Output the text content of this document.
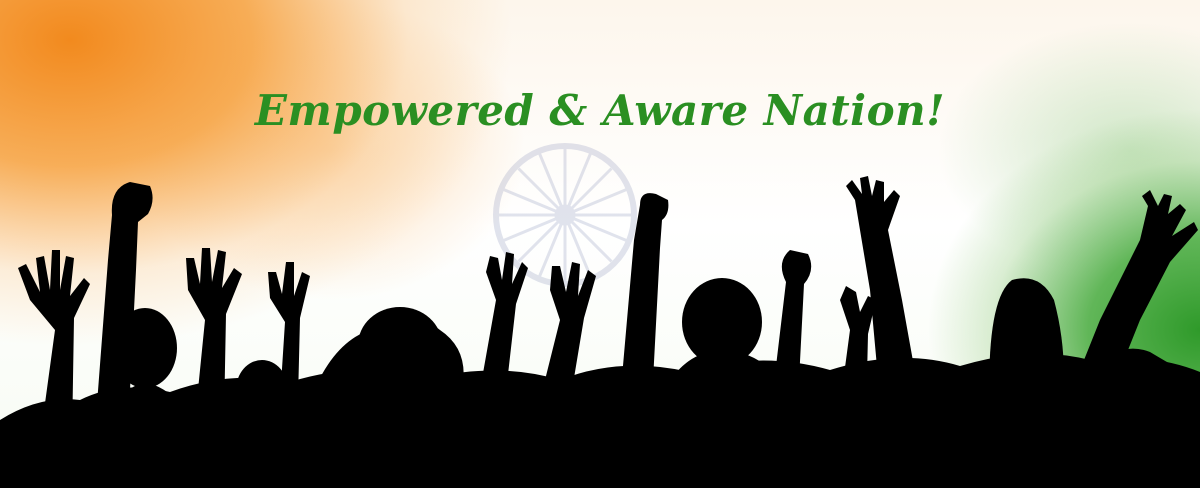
Empowered & Aware Nation!
